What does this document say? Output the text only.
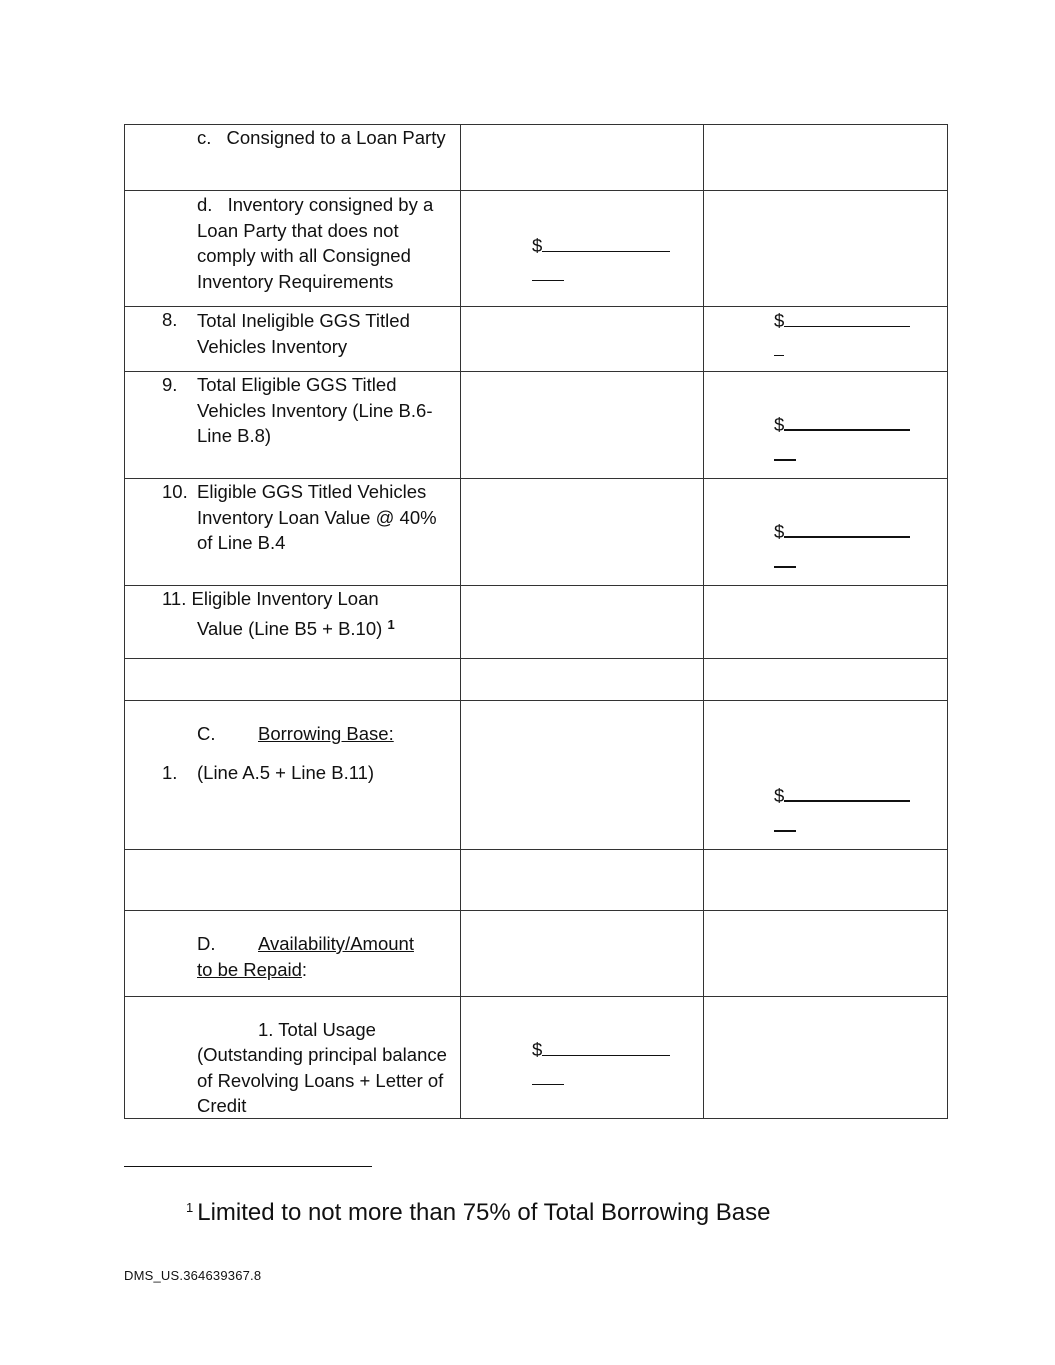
c. Consigned to a Loan Party		

d. Inventory consigned by a Loan Party that does not comply with all Consigned Inventory Requirements	$	

8. Total Ineligible GGS Titled Vehicles Inventory		$

9. Total Eligible GGS Titled Vehicles Inventory (Line B.6-Line B.8)		$

10. Eligible GGS Titled Vehicles Inventory Loan Value @ 40% of Line B.4		$

11. Eligible Inventory Loan
Value (Line B5 + B.10) $^1$

C. Borrowing Base:
1. (Line A.5 + Line B.11)		$

D. Availability/Amount to be Repaid:		

1. Total Usage
(Outstanding principal balance of Revolving Loans + Letter of Credit	$	

$^1$ Limited to not more than 75% of Total Borrowing Base
DMS_US.364639367.8
